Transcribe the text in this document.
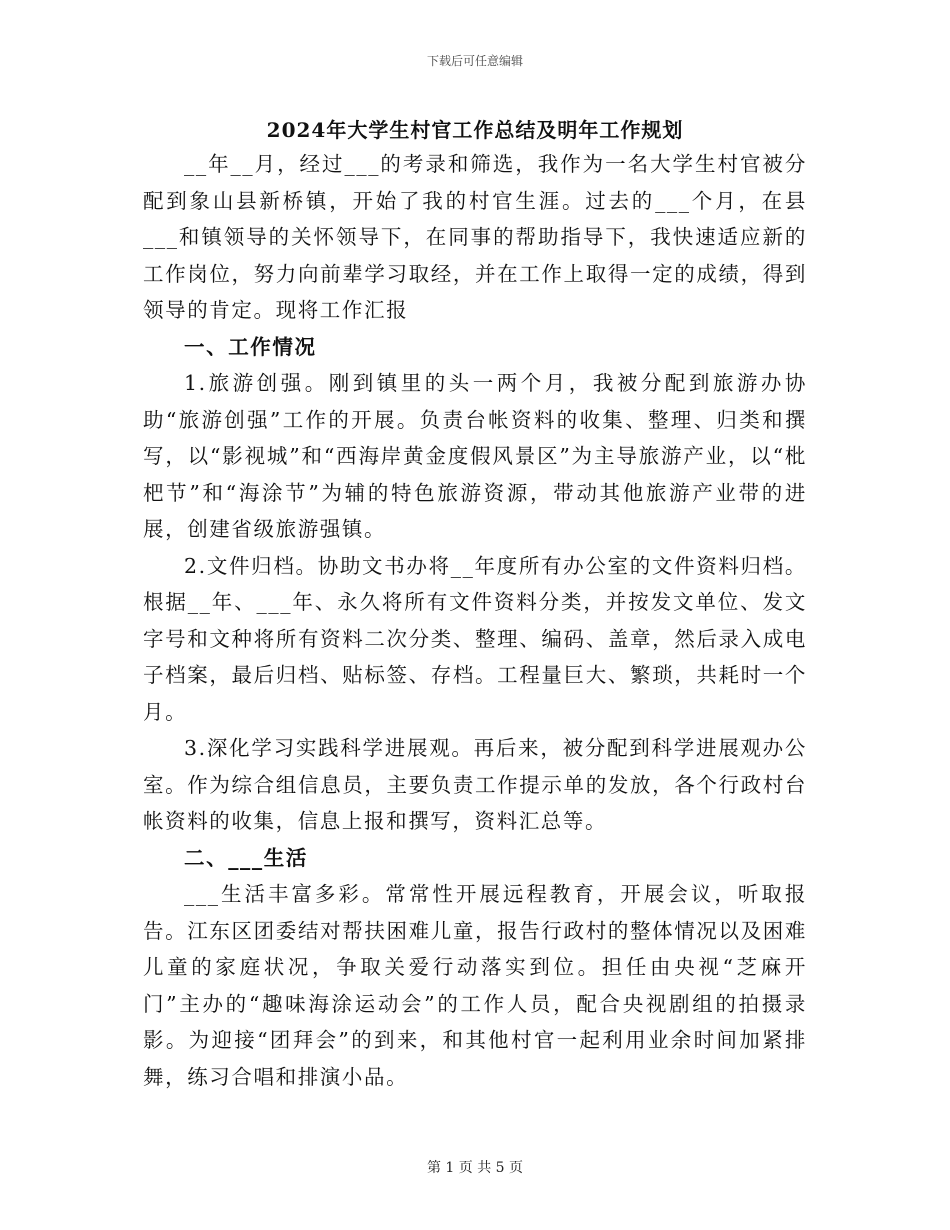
下载后可任意编辑
2024年大学生村官工作总结及明年工作规划

__年__月，经过___的考录和筛选，我作为一名大学生村官被分配到象山县新桥镇，开始了我的村官生涯。过去的___个月，在县___和镇领导的关怀领导下，在同事的帮助指导下，我快速适应新的工作岗位，努力向前辈学习取经，并在工作上取得一定的成绩，得到领导的肯定。现将工作汇报

一、工作情况

1.旅游创强。刚到镇里的头一两个月，我被分配到旅游办协助“旅游创强”工作的开展。负责台帐资料的收集、整理、归类和撰写，以“影视城”和“西海岸黄金度假风景区”为主导旅游产业，以“枇杷节”和“海涂节”为辅的特色旅游资源，带动其他旅游产业带的进展，创建省级旅游强镇。

2.文件归档。协助文书办将__年度所有办公室的文件资料归档。根据__年、___年、永久将所有文件资料分类，并按发文单位、发文字号和文种将所有资料二次分类、整理、编码、盖章，然后录入成电子档案，最后归档、贴标签、存档。工程量巨大、繁琐，共耗时一个月。

3.深化学习实践科学进展观。再后来，被分配到科学进展观办公室。作为综合组信息员，主要负责工作提示单的发放，各个行政村台帐资料的收集，信息上报和撰写，资料汇总等。

二、___生活

___生活丰富多彩。常常性开展远程教育，开展会议，听取报告。江东区团委结对帮扶困难儿童，报告行政村的整体情况以及困难儿童的家庭状况，争取关爱行动落实到位。担任由央视“芝麻开门”主办的“趣味海涂运动会”的工作人员，配合央视剧组的拍摄录影。为迎接“团拜会”的到来，和其他村官一起利用业余时间加紧排舞，练习合唱和排演小品。

第 1 页 共 5 页
